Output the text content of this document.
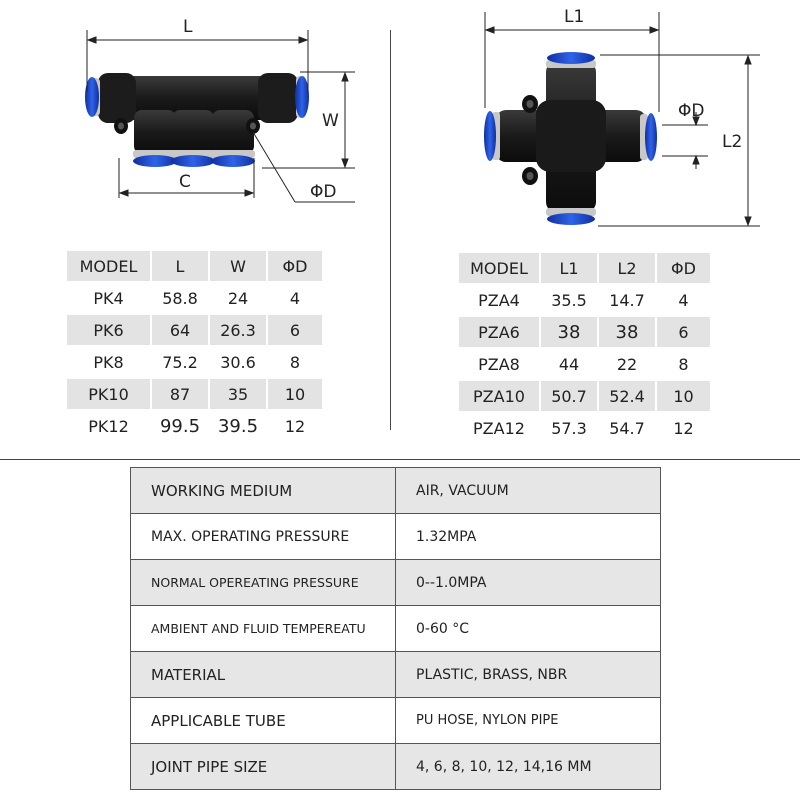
L
W
C	ΦD
L1
L2
ΦD
MODEL	L	W	ΦD
PK4	58.8	24	4
PK6	64	26.3	6
PK8	75.2	30.6	8
PK10	87	35	10
PK12	99.5	39.5	12
MODEL	L1	L2	ΦD
PZA4	35.5	14.7	4
PZA6	38	38	6
PZA8	44	22	8
PZA10	50.7	52.4	10
PZA12	57.3	54.7	12
WORKING MEDIUM	AIR, VACUUM
MAX. OPERATING PRESSURE	1.32MPA
NORMAL OPEREATING PRESSURE	0--1.0MPA
AMBIENT AND FLUID TEMPEREATU	0-60 °C
MATERIAL	PLASTIC, BRASS, NBR
APPLICABLE TUBE	PU HOSE, NYLON PIPE
JOINT PIPE SIZE	4, 6, 8, 10, 12, 14,16 MM
